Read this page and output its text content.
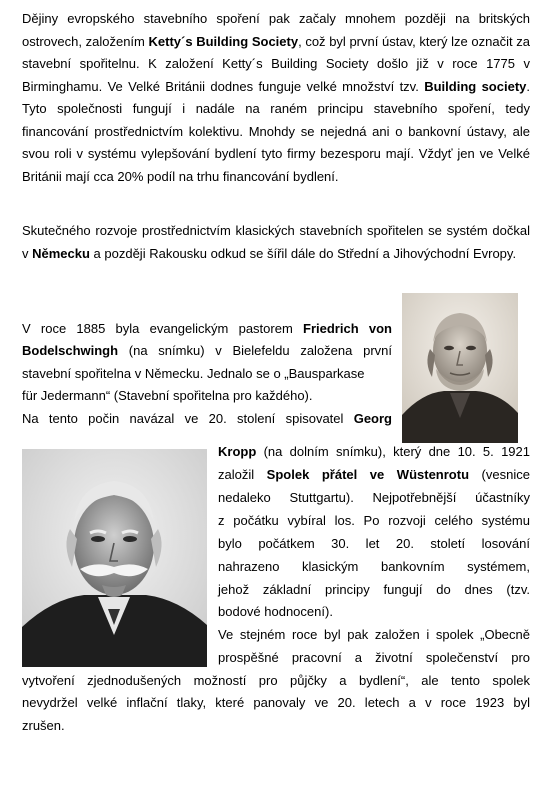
Dějiny evropského stavebního spoření pak začaly mnohem později na britských ostrovech, založením Ketty´s Building Society, což byl první ústav, který lze označit za stavební spořitelnu. K založení Ketty´s Building Society došlo již v roce 1775 v Birminghamu. Ve Velké Británii dodnes funguje velké množství tzv. Building society. Tyto společnosti fungují i nadále na raném principu stavebního spoření, tedy financování prostřednictvím kolektivu. Mnohdy se nejedná ani o bankovní ústavy, ale svou roli v systému vylepšování bydlení tyto firmy bezesporu mají. Vždyť jen ve Velké Británii mají cca 20% podíl na trhu financování bydlení.
Skutečného rozvoje prostřednictvím klasických stavebních spořitelen se systém dočkal v Německu a později Rakousku odkud se šířil dále do Střední a Jihovýchodní Evropy.
V roce 1885 byla evangelickým pastorem Friedrich von
Bodelschwingh (na snímku) v Bielefeldu založena první
stavební spořitelna v Německu. Jednalo se o „Bausparkase
für Jedermann“ (Stavební spořitelna pro každého).
Na tento počin navázal ve 20. stolení spisovatel Georg
Kropp (na dolním snímku), který dne 10. 5. 1921
založil Spolek přátel ve Wüstenrotu (vesnice
nedaleko Stuttgartu). Nejpotřebnější účastníky
z počátku vybíral los. Po rozvoji celého systému
bylo počátkem 30. let 20. století losování
nahrazeno klasickým bankovním systémem,
jehož základní principy fungují do dnes (tzv.
bodové hodnocení).
Ve stejném roce byl pak založen i spolek „Obecně
prospěšné pracovní a životní společenství pro
vytvoření zjednodušených možností pro půjčky a bydlení“, ale tento spolek
nevydržel velké inflační tlaky, které panovaly ve 20. letech a v roce 1923 byl
zrušen.
